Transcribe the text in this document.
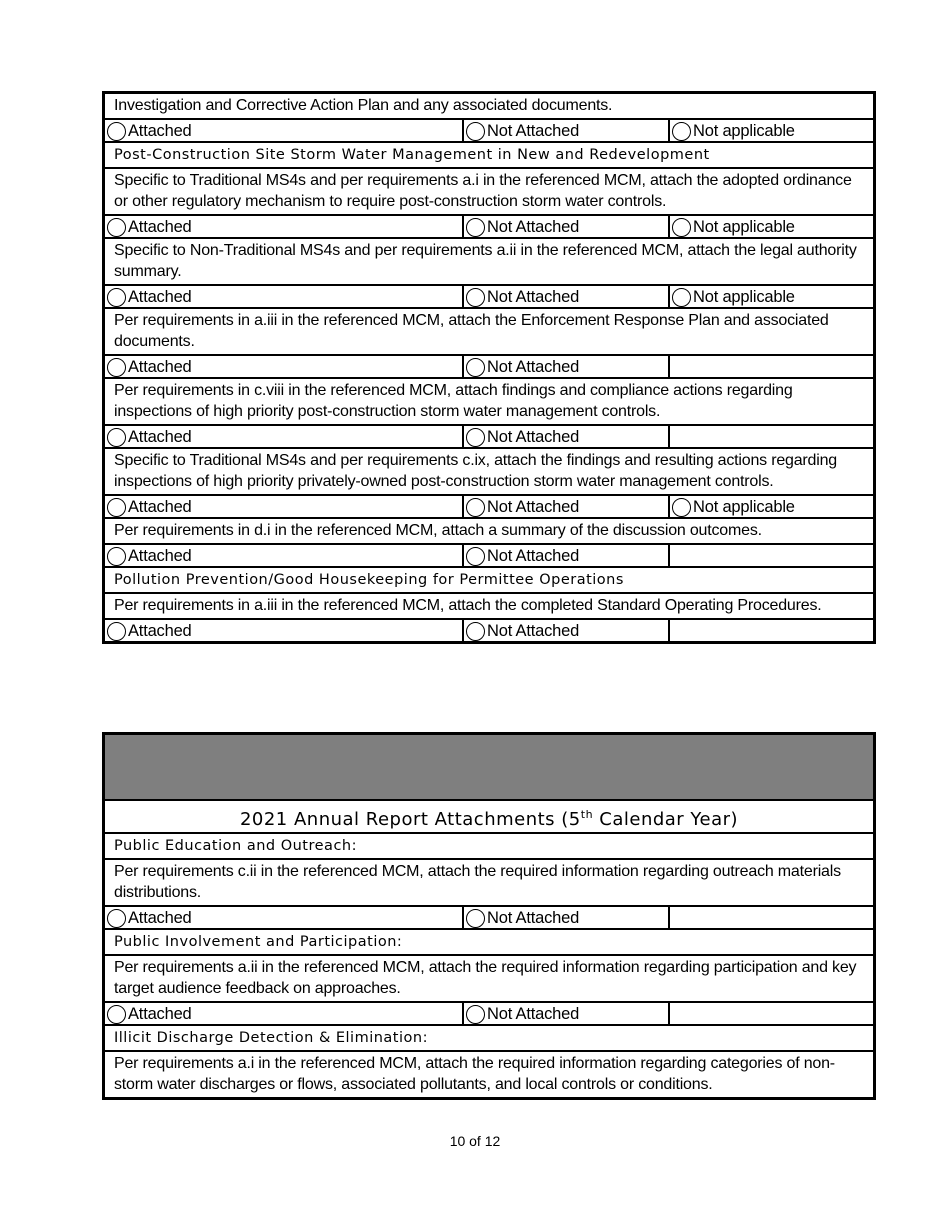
Investigation and Corrective Action Plan and any associated documents.
Attached	Not Attached	Not applicable
Post-Construction Site Storm Water Management in New and Redevelopment
Specific to Traditional MS4s and per requirements a.i in the referenced MCM, attach the adopted ordinance or other regulatory mechanism to require post-construction storm water controls.
Attached	Not Attached	Not applicable
Specific to Non-Traditional MS4s and per requirements a.ii in the referenced MCM, attach the legal authority summary.
Attached	Not Attached	Not applicable
Per requirements in a.iii in the referenced MCM, attach the Enforcement Response Plan and associated documents.
Attached	Not Attached
Per requirements in c.viii in the referenced MCM, attach findings and compliance actions regarding inspections of high priority post-construction storm water management controls.
Attached	Not Attached
Specific to Traditional MS4s and per requirements c.ix, attach the findings and resulting actions regarding inspections of high priority privately-owned post-construction storm water management controls.
Attached	Not Attached	Not applicable
Per requirements in d.i in the referenced MCM, attach a summary of the discussion outcomes.
Attached	Not Attached
Pollution Prevention/Good Housekeeping for Permittee Operations
Per requirements in a.iii in the referenced MCM, attach the completed Standard Operating Procedures.
Attached	Not Attached
2021 Annual Report Attachments (5th Calendar Year)
Public Education and Outreach:
Per requirements c.ii in the referenced MCM, attach the required information regarding outreach materials distributions.
Attached	Not Attached
Public Involvement and Participation:
Per requirements a.ii in the referenced MCM, attach the required information regarding participation and key target audience feedback on approaches.
Attached	Not Attached
Illicit Discharge Detection & Elimination:
Per requirements a.i in the referenced MCM, attach the required information regarding categories of non-storm water discharges or flows, associated pollutants, and local controls or conditions.
10 of 12
